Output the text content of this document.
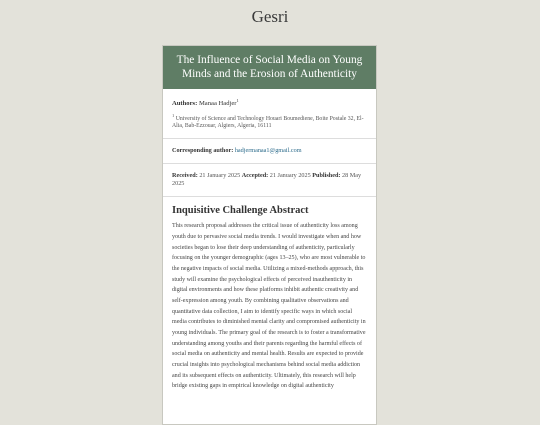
Gesri
The Influence of Social Media on Young Minds and the Erosion of Authenticity
Authors: Manaa Hadjer$^1$
$^1$ University of Science and Technology Houari Boumediene, Boite Postale 32, El-Alia, Bab-Ezzouar, Algiers, Algeria, 16111
Corresponding author: hadjermanaa1@gmail.com
Received: 21 January 2025 Accepted: 21 January 2025 Published: 28 May 2025
Inquisitive Challenge Abstract

This research proposal addresses the critical issue of authenticity loss among youth due to pervasive social media trends. I would investigate when and how societies began to lose their deep understanding of authenticity, particularly focusing on the younger demographic (ages 13–25), who are most vulnerable to the negative impacts of social media. Utilizing a mixed-methods approach, this study will examine the psychological effects of perceived inauthenticity in digital environments and how these platforms inhibit authentic creativity and self-expression among youth. By combining qualitative observations and quantitative data collection, I aim to identify specific ways in which social media contributes to diminished mental clarity and compromised authenticity in young individuals. The primary goal of the research is to foster a transformative understanding among youths and their parents regarding the harmful effects of social media on authenticity and mental health. Results are expected to provide crucial insights into psychological mechanisms behind social media addiction and its subsequent effects on authenticity. Ultimately, this research will help bridge existing gaps in empirical knowledge on digital authenticity
